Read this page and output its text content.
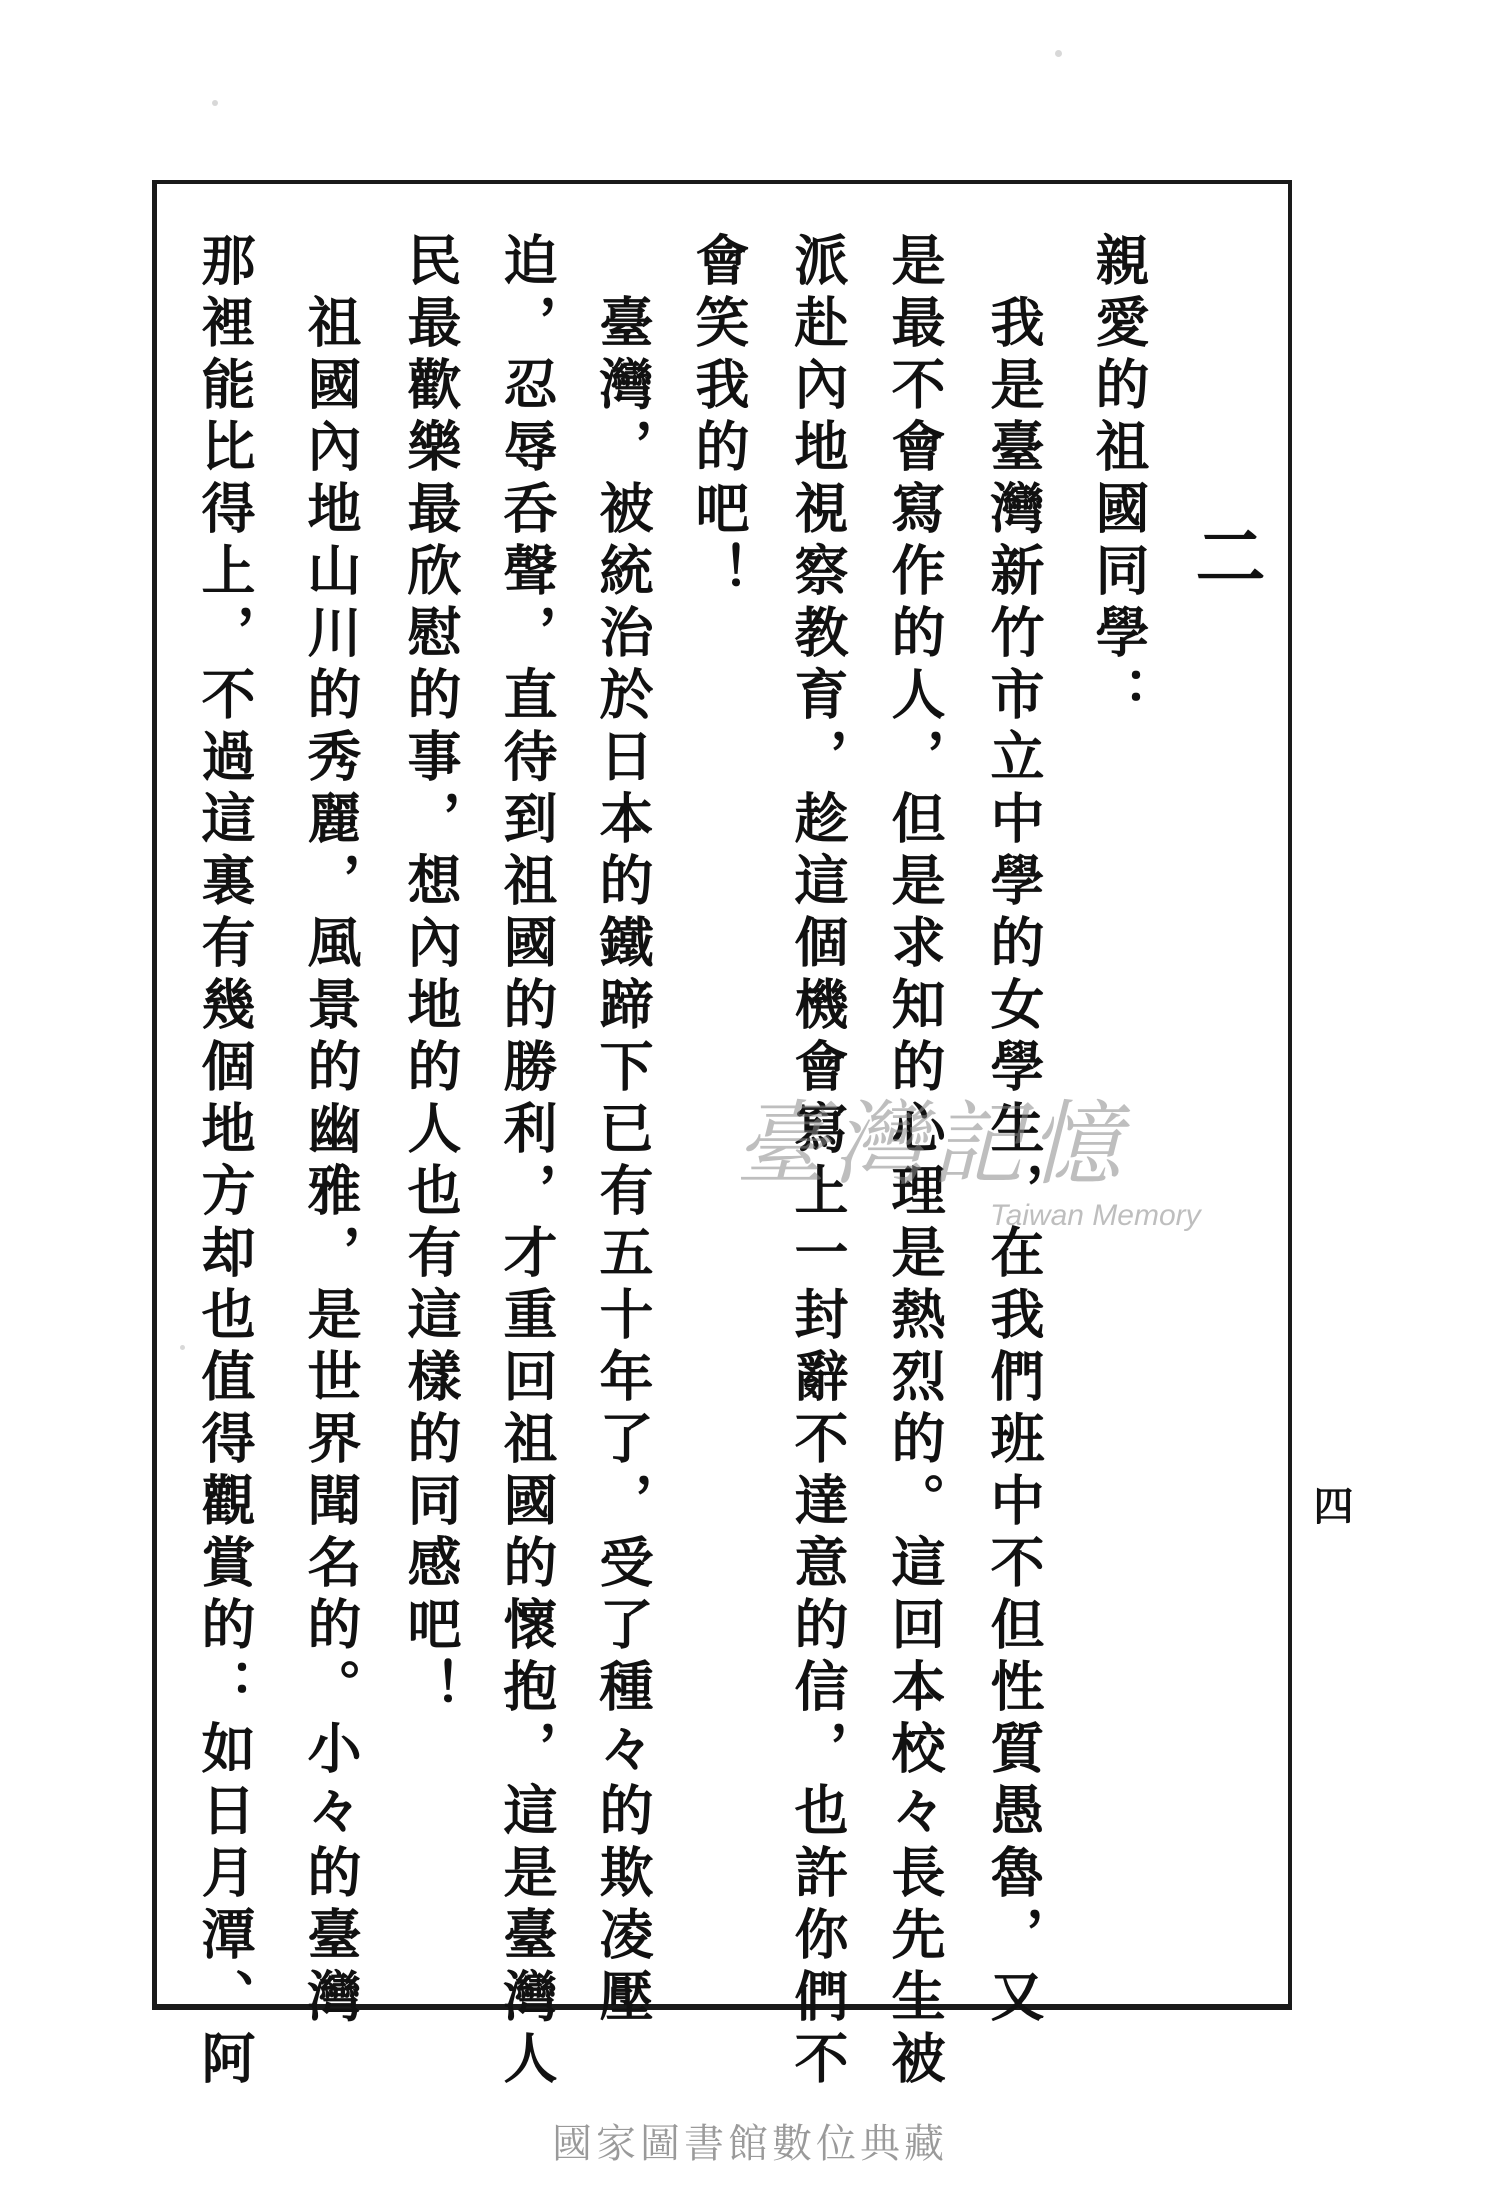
二
親愛的祖國同學：
　我是臺灣新竹市立中學的女學生，在我們班中不但性質愚魯，又
是最不會寫作的人，但是求知的心理是熱烈的。這回本校々長先生被
派赴內地視察教育，趁這個機會寫上一封辭不達意的信，也許你們不
會笑我的吧！
　臺灣，被統治於日本的鐵蹄下已有五十年了，受了種々的欺凌壓
迫，忍辱呑聲，直待到祖國的勝利，才重回祖國的懷抱，這是臺灣人
民最歡樂最欣慰的事，想內地的人也有這樣的同感吧！
　祖國內地山川的秀麗，風景的幽雅，是世界聞名的。小々的臺灣
那裡能比得上，不過這裏有幾個地方却也值得觀賞的：如日月潭、阿	四
臺灣記憶
Taiwan Memory
國家圖書館數位典藏
